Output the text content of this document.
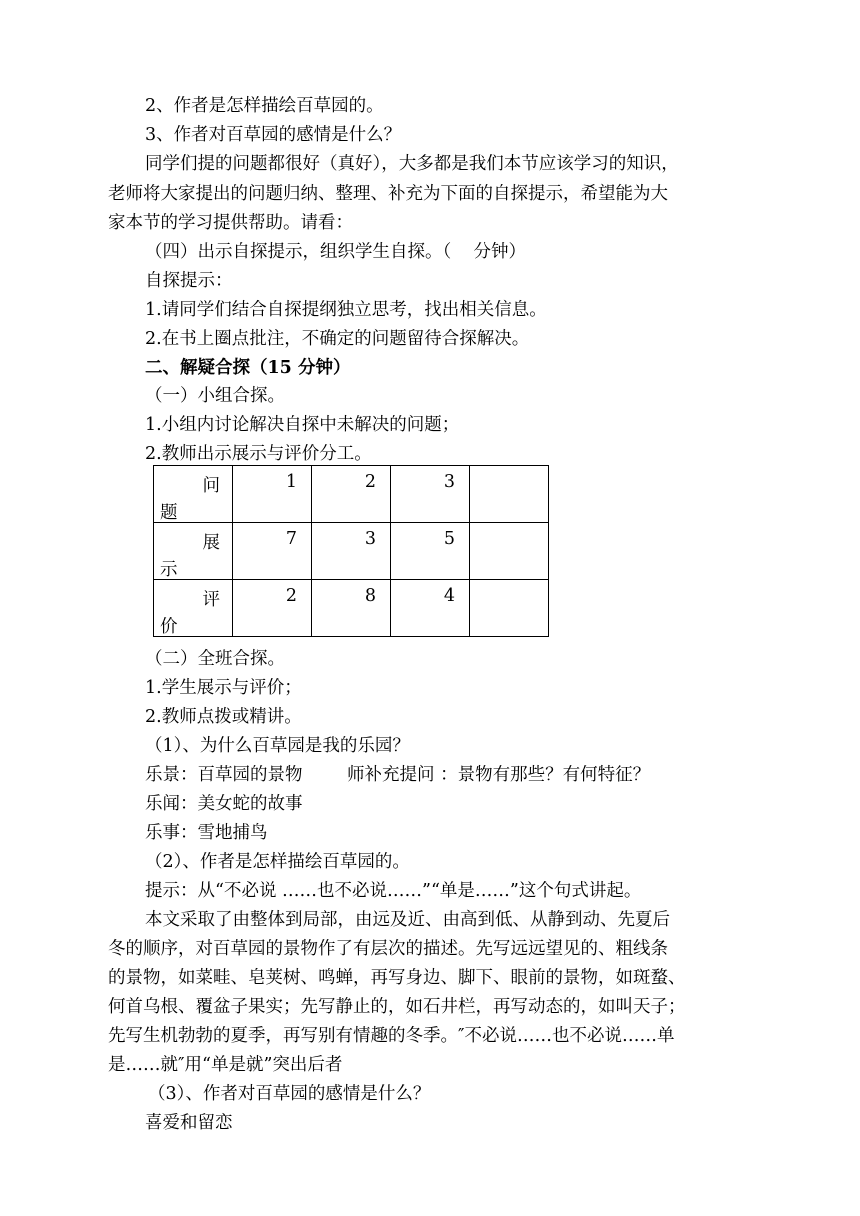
2、作者是怎样描绘百草园的。
3、作者对百草园的感情是什么？
同学们提的问题都很好（真好），大多都是我们本节应该学习的知识，
老师将大家提出的问题归纳、整理、补充为下面的自探提示，希望能为大
家本节的学习提供帮助。请看：
（四）出示自探提示，组织学生自探。（    分钟）
自探提示：
1.请同学们结合自探提纲独立思考，找出相关信息。
2.在书上圈点批注，不确定的问题留待合探解决。
二、解疑合探（15 分钟）
（一）小组合探。
1.小组内讨论解决自探中未解决的问题；
2.教师出示展示与评价分工。
问
题	1	2	3	

展
示	7	3	5	

评
价	2	8	4	

（二）全班合探。
1.学生展示与评价；
2.教师点拨或精讲。
（1）、为什么百草园是我的乐园？
乐景：百草园的景物        师补充提问 ：景物有那些？有何特征？
乐闻：美女蛇的故事
乐事：雪地捕鸟
（2）、作者是怎样描绘百草园的。
提示：从“不必说 ……也不必说……”“单是……”这个句式讲起。
本文采取了由整体到局部，由远及近、由高到低、从静到动、先夏后
冬的顺序，对百草园的景物作了有层次的描述。先写远远望见的、粗线条
的景物，如菜畦、皂荚树、鸣蝉，再写身边、脚下、眼前的景物，如斑蝥、
何首乌根、覆盆子果实；先写静止的，如石井栏，再写动态的，如叫天子；
先写生机勃勃的夏季，再写别有情趣的冬季。″不必说……也不必说……单
是……就″用“单是就”突出后者
（3）、作者对百草园的感情是什么？
喜爱和留恋
